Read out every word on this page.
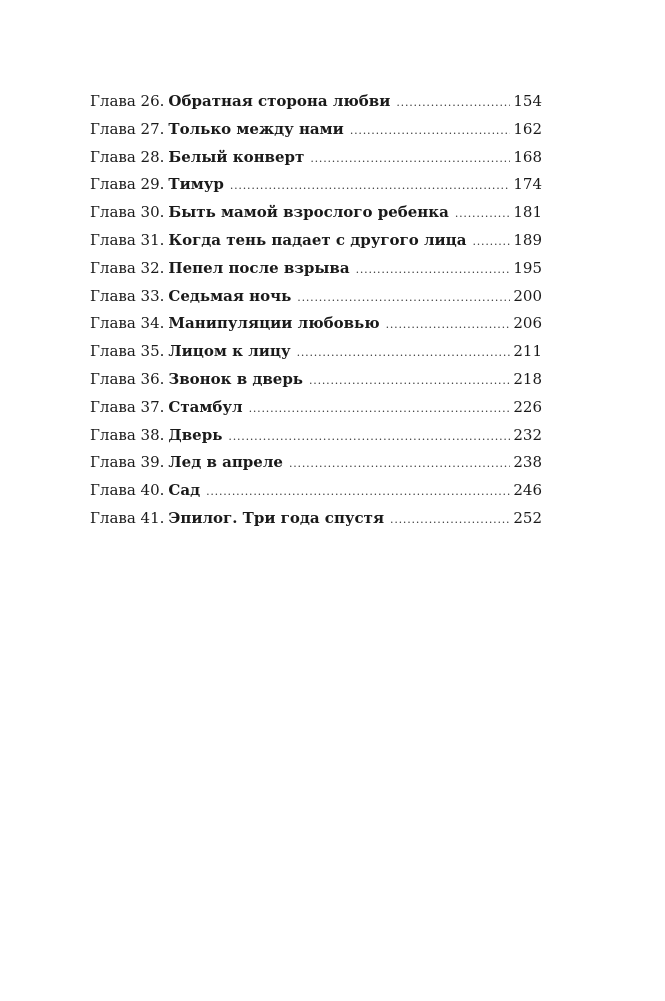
Глава 26. Обратная сторона любви .....	154
Глава 27. Только между нами .....	162
Глава 28. Белый конверт .....	168
Глава 29. Тимур .....	174
Глава 30. Быть мамой взрослого ребенка .....	181
Глава 31. Когда тень падает с другого лица .....	189
Глава 32. Пепел после взрыва .....	195
Глава 33. Седьмая ночь .....	200
Глава 34. Манипуляции любовью .....	206
Глава 35. Лицом к лицу .....	211
Глава 36. Звонок в дверь .....	218
Глава 37. Стамбул .....	226
Глава 38. Дверь .....	232
Глава 39. Лед в апреле .....	238
Глава 40. Сад .....	246
Глава 41. Эпилог. Три года спустя .....	252
